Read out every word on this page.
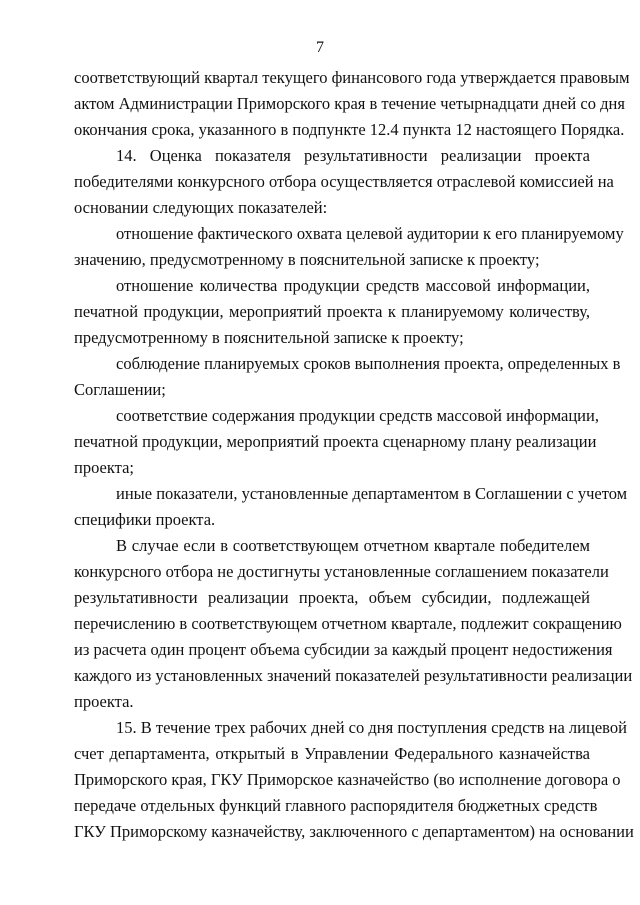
7
соответствующий квартал текущего финансового года утверждается правовым
актом Администрации Приморского края в течение четырнадцати дней со дня
окончания срока, указанного в подпункте 12.4 пункта 12 настоящего Порядка.
14. Оценка показателя результативности реализации проекта
победителями конкурсного отбора осуществляется отраслевой комиссией на
основании следующих показателей:
отношение фактического охвата целевой аудитории к его планируемому
значению, предусмотренному в пояснительной записке к проекту;
отношение количества продукции средств массовой информации,
печатной продукции, мероприятий проекта к планируемому количеству,
предусмотренному в пояснительной записке к проекту;
соблюдение планируемых сроков выполнения проекта, определенных в
Соглашении;
соответствие содержания продукции средств массовой информации,
печатной продукции, мероприятий проекта сценарному плану реализации
проекта;
иные показатели, установленные департаментом в Соглашении с учетом
специфики проекта.
В случае если в соответствующем отчетном квартале победителем
конкурсного отбора не достигнуты установленные соглашением показатели
результативности реализации проекта, объем субсидии, подлежащей
перечислению в соответствующем отчетном квартале, подлежит сокращению
из расчета один процент объема субсидии за каждый процент недостижения
каждого из установленных значений показателей результативности реализации
проекта.
15. В течение трех рабочих дней со дня поступления средств на лицевой
счет департамента, открытый в Управлении Федерального казначейства
Приморского края, ГКУ Приморское казначейство (во исполнение договора о
передаче отдельных функций главного распорядителя бюджетных средств
ГКУ Приморскому казначейству, заключенного с департаментом) на основании
